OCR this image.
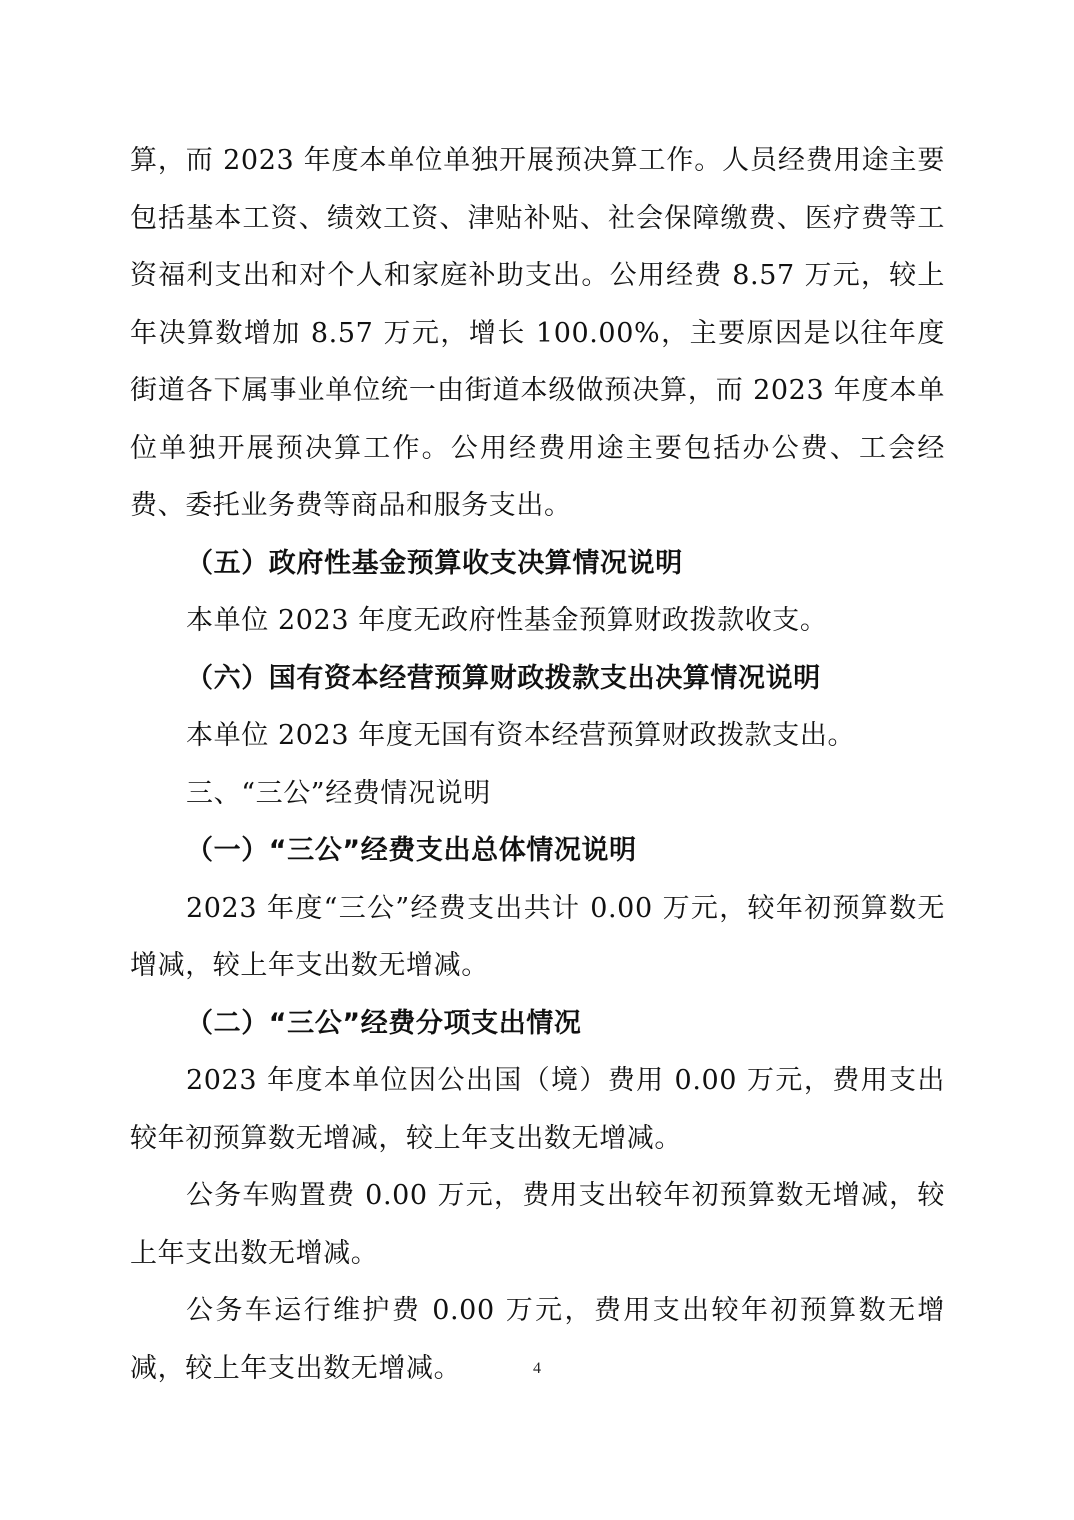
算，而 2023 年度本单位单独开展预决算工作。人员经费用途主要包括基本工资、绩效工资、津贴补贴、社会保障缴费、医疗费等工资福利支出和对个人和家庭补助支出。公用经费 8.57 万元，较上年决算数增加 8.57 万元，增长 100.00%，主要原因是以往年度街道各下属事业单位统一由街道本级做预决算，而 2023 年度本单位单独开展预决算工作。公用经费用途主要包括办公费、工会经费、委托业务费等商品和服务支出。

（五）政府性基金预算收支决算情况说明

本单位 2023 年度无政府性基金预算财政拨款收支。

（六）国有资本经营预算财政拨款支出决算情况说明

本单位 2023 年度无国有资本经营预算财政拨款支出。

三、“三公”经费情况说明

（一）“三公”经费支出总体情况说明

2023 年度“三公”经费支出共计 0.00 万元，较年初预算数无增减，较上年支出数无增减。

（二）“三公”经费分项支出情况

2023 年度本单位因公出国（境）费用 0.00 万元，费用支出较年初预算数无增减，较上年支出数无增减。

公务车购置费 0.00 万元，费用支出较年初预算数无增减，较上年支出数无增减。

公务车运行维护费 0.00 万元，费用支出较年初预算数无增减，较上年支出数无增减。	4
